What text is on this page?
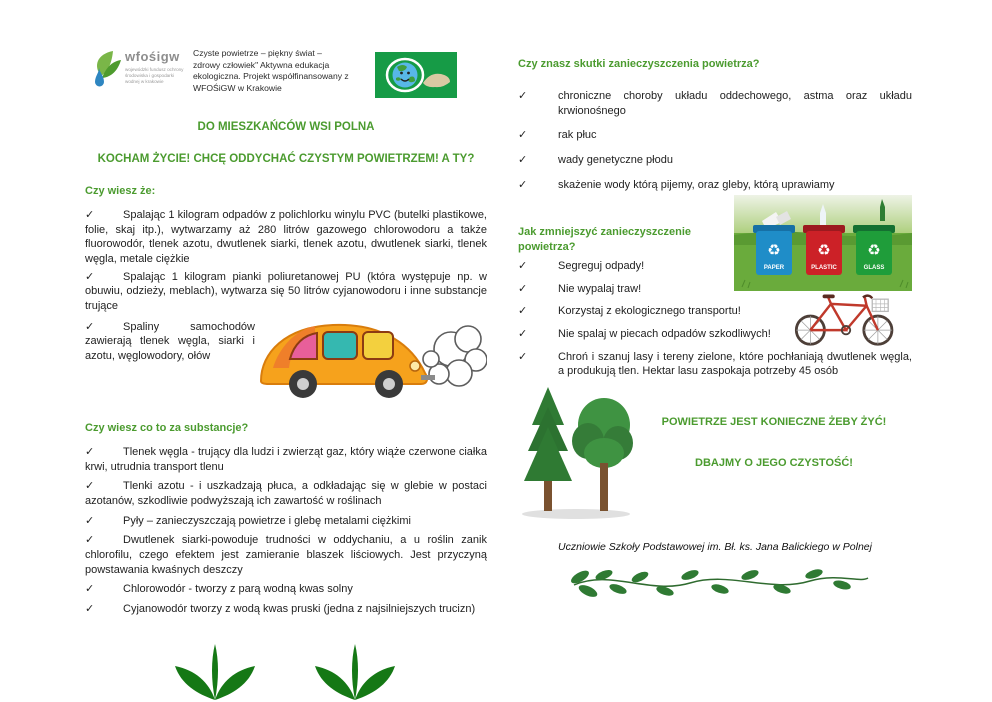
wfośigw
wojewódzki fundusz ochrony środowiska i gospodarki wodnej w krakowie
Czyste powietrze – piękny świat – zdrowy człowiek" Aktywna edukacja ekologiczna. Projekt współfinansowany z WFOŚiGW w Krakowie
DO MIESZKAŃCÓW WSI POLNA
KOCHAM ŻYCIE! CHCĘ ODDYCHAĆ CZYSTYM POWIETRZEM! A TY?
Czy wiesz że:
✓	Spalając 1 kilogram odpadów z polichlorku winylu PVC (butelki plastikowe, folie, skaj itp.), wytwarzamy aż 280 litrów gazowego chlorowodoru a także fluorowodór, tlenek azotu, dwutlenek siarki, tlenek azotu, dwutlenek siarki, tlenek węgla, metale ciężkie
✓	Spalając 1 kilogram pianki poliuretanowej PU (która występuje np. w obuwiu, odzieży, meblach), wytwarza się 50 litrów cyjanowodoru i inne substancje trujące
✓	Spaliny samochodów zawierają tlenek węgla, siarki i azotu, węglowodory, ołów
Czy wiesz co to za substancje?
✓	Tlenek węgla - trujący dla ludzi i zwierząt gaz, który wiąże czerwone ciałka krwi, utrudnia transport tlenu
✓	Tlenki azotu - i uszkadzają płuca, a odkładając się w glebie w postaci azotanów, szkodliwie podwyższają ich zawartość w roślinach
✓	Pyły – zanieczyszczają powietrze i glebę metalami ciężkimi
✓	Dwutlenek siarki-powoduje trudności w oddychaniu, a u roślin zanik chlorofilu, czego efektem jest zamieranie blaszek liściowych. Jest przyczyną powstawania kwaśnych deszczy
✓	Chlorowodór - tworzy z parą wodną kwas solny
✓	Cyjanowodór tworzy z wodą kwas pruski (jedna z najsilniejszych trucizn)
Czy znasz skutki zanieczyszczenia powietrza?
✓	chroniczne choroby układu oddechowego, astma oraz układu krwionośnego
✓	rak płuc
✓	wady genetyczne płodu
✓	skażenie wody którą pijemy, oraz gleby, którą uprawiamy
♻
PAPER
♻
PLASTIC
♻
GLASS
Jak zmniejszyć zanieczyszczenie powietrza?
✓	Segreguj odpady!
✓	Nie wypalaj traw!
✓	Korzystaj z ekologicznego transportu!
✓	Nie spalaj w piecach odpadów szkodliwych!
✓	Chroń i szanuj lasy i tereny zielone, które pochłaniają dwutlenek węgla, a produkują tlen. Hektar lasu zaspokaja potrzeby 45 osób
POWIETRZE JEST KONIECZNE ŻEBY ŻYĆ!
DBAJMY O JEGO CZYSTOŚĆ!
Uczniowie Szkoły Podstawowej im. Bł. ks. Jana Balickiego w Polnej
